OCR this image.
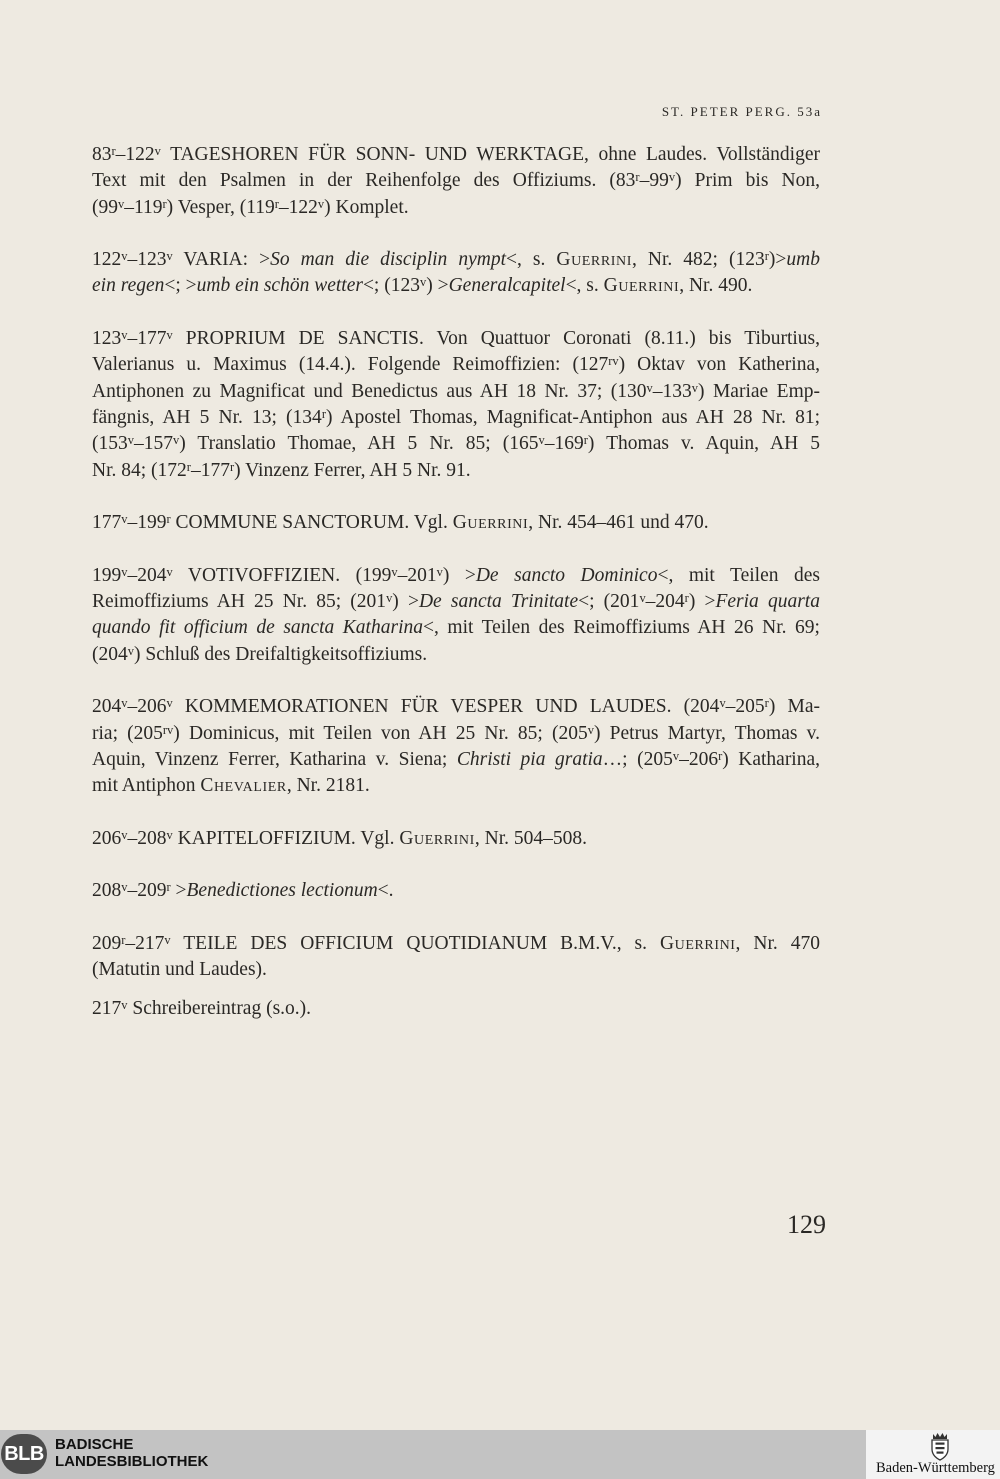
ST. PETER PERG. 53a
83$^r$–122$^v$ TAGESHOREN FÜR SONN- UND WERKTAGE, ohne Laudes. Vollständiger
Text mit den Psalmen in der Reihenfolge des Offiziums. (83$^r$–99$^v$) Prim bis Non,
(99$^v$–119$^r$) Vesper, (119$^r$–122$^v$) Komplet.
122$^v$–123$^v$ VARIA: >So man die disciplin nympt<, s. Guerrini, Nr. 482; $(123^r)>umb$
ein regen<; >umb ein schön wetter<; $(123^v)$ >Generalcapitel<, s. Guerrini, Nr. 490.
123$^v$–177$^v$ PROPRIUM DE SANCTIS. Von Quattuor Coronati (8.11.) bis Tiburtius,
Valerianus u. Maximus (14.4.). Folgende Reimoffizien: $(127^{rv})$ Oktav von Katherina,
Antiphonen zu Magnificat und Benedictus aus AH 18 Nr. 37; (130$^v$–133$^v$) Mariae Emp-
fängnis, AH 5 Nr. 13; (134$^r$) Apostel Thomas, Magnificat-Antiphon aus AH 28 Nr. 81;
(153$^v$–157$^v$) Translatio Thomae, AH 5 Nr. 85; (165$^v$–169$^r$) Thomas v. Aquin, AH 5
Nr. 84; (172$^r$–177$^r$) Vinzenz Ferrer, AH 5 Nr. 91.
177$^v$–199$^r$ COMMUNE SANCTORUM. Vgl. Guerrini, Nr. 454–461 und 470.
199$^v$–204$^v$ VOTIVOFFIZIEN. $(199^v-201^v) >De$ sancto Dominico<, mit Teilen des
Reimoffiziums AH 25 Nr. 85; $(201^v) >De$ sancta Trinitate<; $(201^v-204^r)$ >Feria quarta
quando fit officium de sancta Katharina<, mit Teilen des Reimoffiziums AH 26 Nr. 69;
(204$^v$) Schluß des Dreifaltigkeitsoffiziums.
204$^v$–206$^v$ KOMMEMORATIONEN FÜR VESPER UND LAUDES. (204$^v$–205$^r$) Ma-
ria; $(205^{rv})$ Dominicus, mit Teilen von AH 25 Nr. 85; (205$^v$) Petrus Martyr, Thomas v.
Aquin, Vinzenz Ferrer, Katharina v. Siena; Christi pia gratia…; (205$^v$–206$^r$) Katharina,
mit Antiphon Chevalier, Nr. 2181.
206$^v$–208$^v$ KAPITELOFFIZIUM. Vgl. Guerrini, Nr. 504–508.
$208^v-209^r$ >Benedictiones lectionum<.
209$^r$–217$^v$ TEILE DES OFFICIUM QUOTIDIANUM B.M.V., s. Guerrini, Nr. 470
(Matutin und Laudes).
217$^v$ Schreibereintrag (s.o.).
129
BLB BADISCHE
LANDESBIBLIOTHEK	Baden-Württemberg
